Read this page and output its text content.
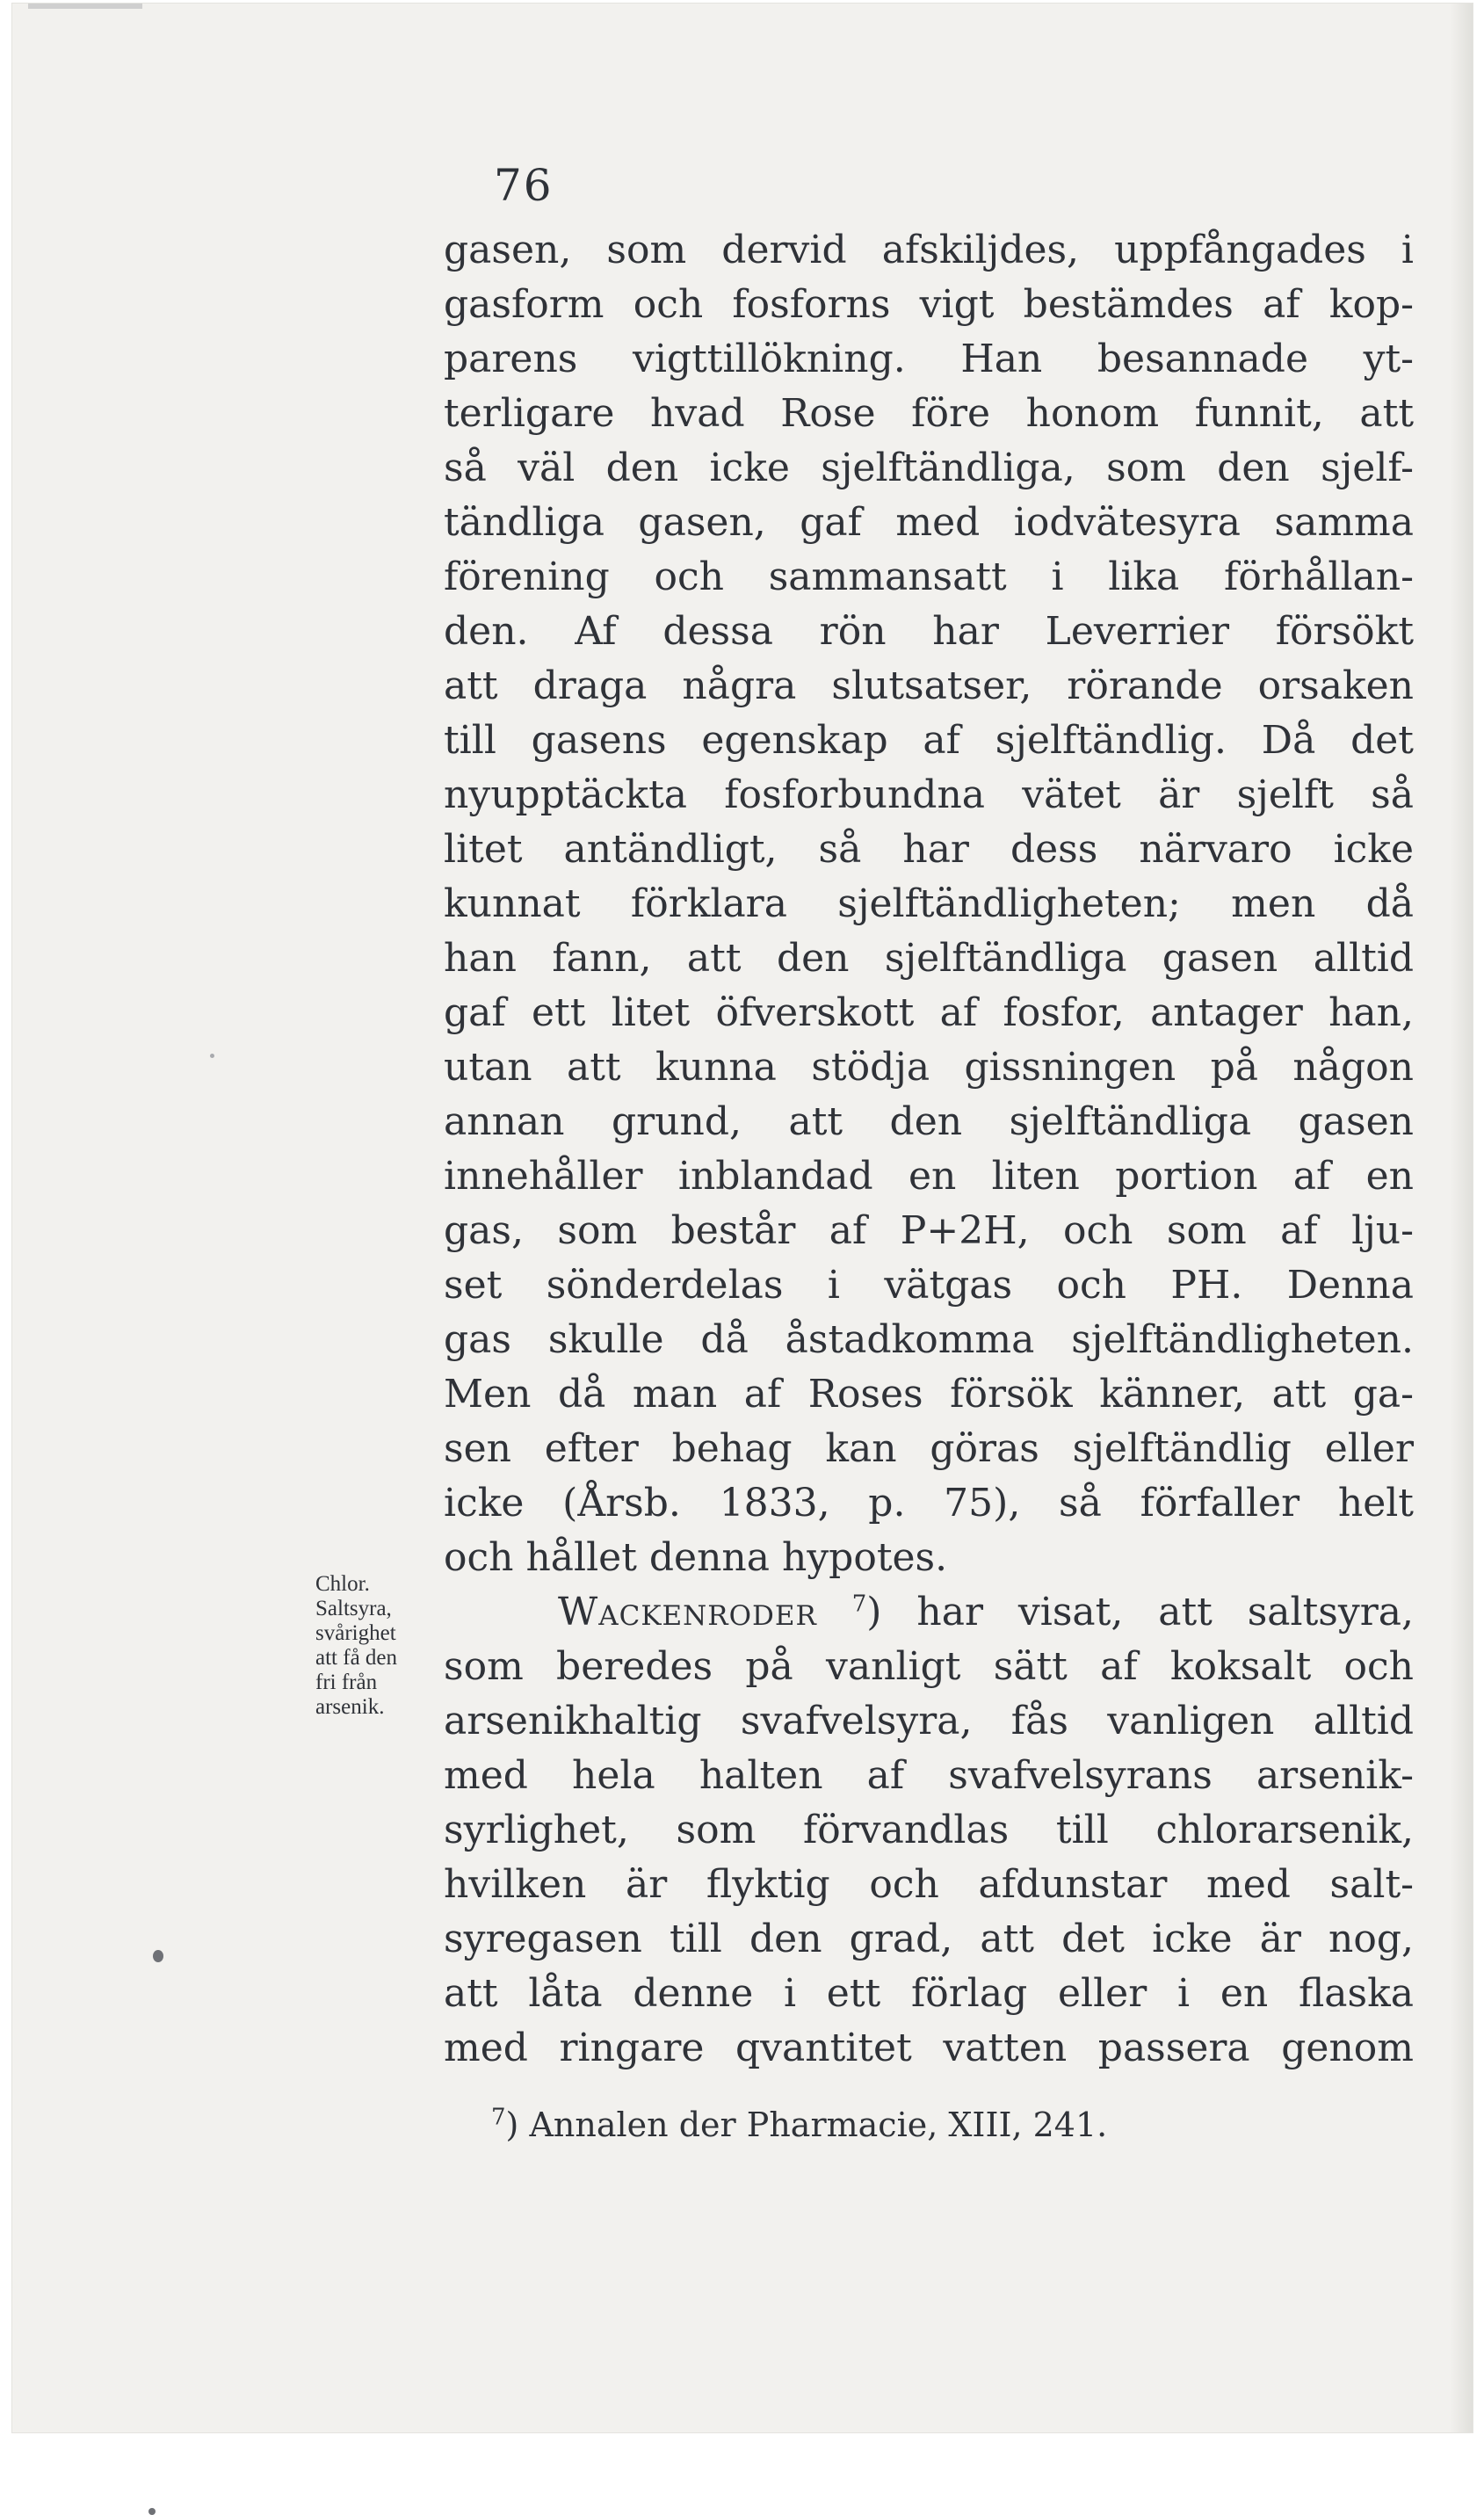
76
gasen, som dervid afskiljdes, uppfångades i
gasform och fosforns vigt bestämdes af kop-
parens vigttillökning. Han besannade yt-
terligare hvad Rose före honom funnit, att
så väl den icke sjelftändliga, som den sjelf-
tändliga gasen, gaf med iodvätesyra samma
förening och sammansatt i lika förhållan-
den. Af dessa rön har Leverrier försökt
att draga några slutsatser, rörande orsaken
till gasens egenskap af sjelftändlig. Då det
nyupptäckta fosforbundna vätet är sjelft så
litet antändligt, så har dess närvaro icke
kunnat förklara sjelftändligheten; men då
han fann, att den sjelftändliga gasen alltid
gaf ett litet öfverskott af fosfor, antager han,
utan att kunna stödja gissningen på någon
annan grund, att den sjelftändliga gasen
innehåller inblandad en liten portion af en
gas, som består af P+2H, och som af lju-
set sönderdelas i vätgas och PH. Denna
gas skulle då åstadkomma sjelftändligheten.
Men då man af Roses försök känner, att ga-
sen efter behag kan göras sjelftändlig eller
icke (Årsb. 1833, p. 75), så förfaller helt
och hållet denna hypotes.
Wackenroder $^7$) har visat, att saltsyra,
som beredes på vanligt sätt af koksalt och
arsenikhaltig svafvelsyra, fås vanligen alltid
med hela halten af svafvelsyrans arsenik-
syrlighet, som förvandlas till chlorarsenik,
hvilken är flyktig och afdunstar med salt-
syregasen till den grad, att det icke är nog,
att låta denne i ett förlag eller i en flaska
med ringare qvantitet vatten passera genom
Chlor.
Saltsyra,
svårighet
att få den
fri från
arsenik.
$^7$) Annalen der Pharmacie, XIII, 241.
